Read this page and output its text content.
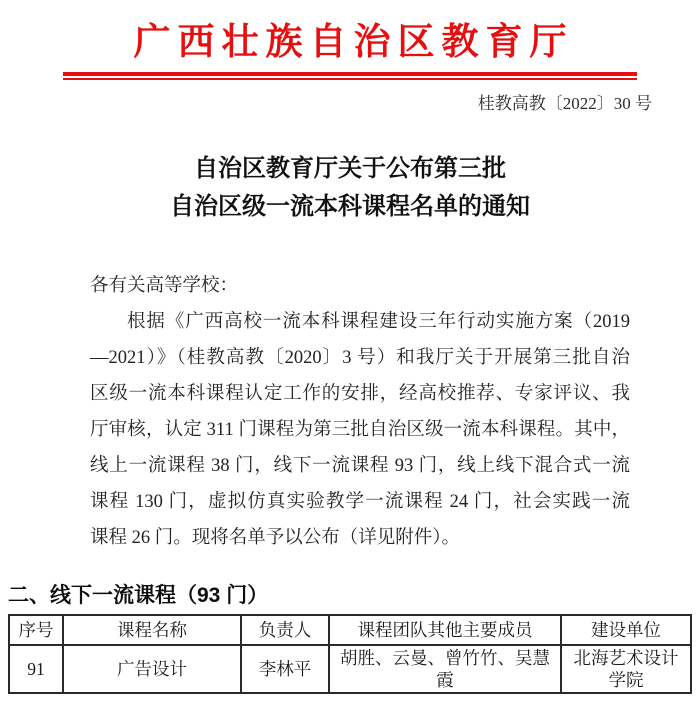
广西壮族自治区教育厅
桂教高教〔2022〕30 号
自治区教育厅关于公布第三批
自治区级一流本科课程名单的通知
各有关高等学校：
根据《广西高校一流本科课程建设三年行动实施方案（2019
—2021）》（桂教高教〔2020〕3 号）和我厅关于开展第三批自治
区级一流本科课程认定工作的安排，经高校推荐、专家评议、我
厅审核，认定 311 门课程为第三批自治区级一流本科课程。其中，
线上一流课程 38 门，线下一流课程 93 门，线上线下混合式一流
课程 130 门，虚拟仿真实验教学一流课程 24 门，社会实践一流
课程 26 门。现将名单予以公布（详见附件）。
二、线下一流课程（93 门）
序号	课程名称	负责人	课程团队其他主要成员	建设单位
91	广告设计	李林平	胡胜、云曼、曾竹竹、吴慧霞	北海艺术设计学院
